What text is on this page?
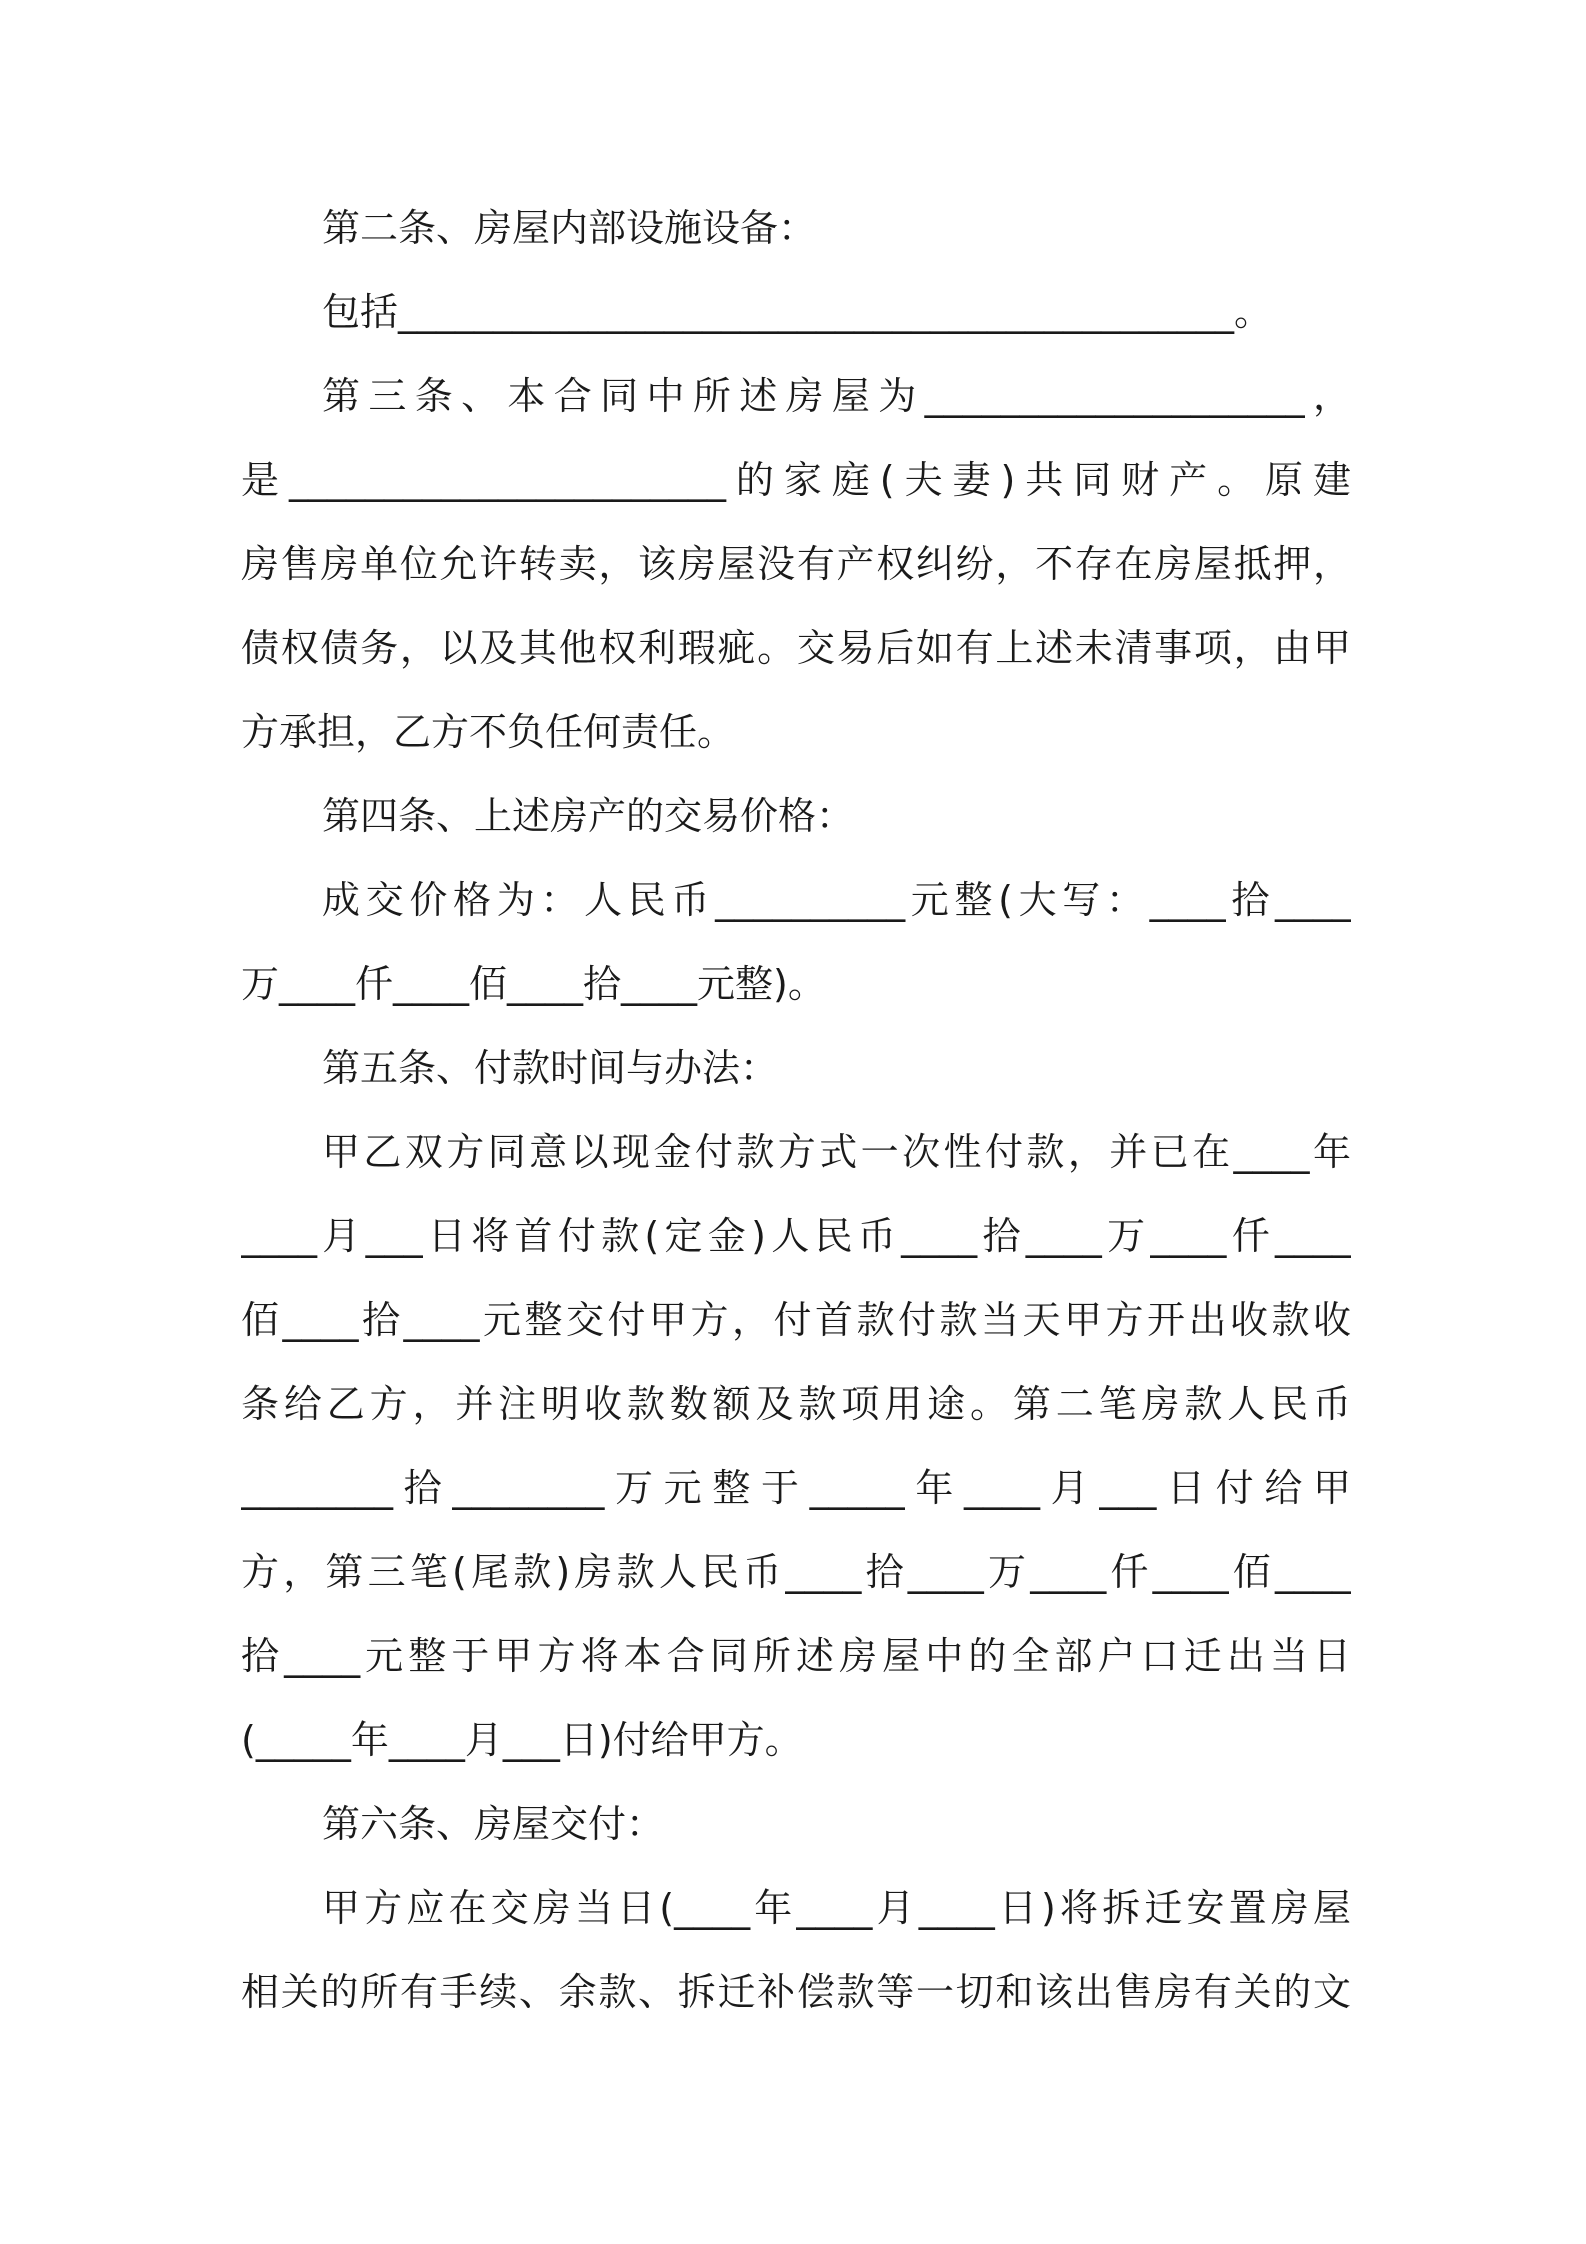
第二条、房屋内部设施设备：
包括____________________________________________。
第三条、本合同中所述房屋为____________________，
是_______________________的家庭(夫妻)共同财产。原建
房售房单位允许转卖，该房屋没有产权纠纷，不存在房屋抵押，
债权债务，以及其他权利瑕疵。交易后如有上述未清事项，由甲
方承担，乙方不负任何责任。
第四条、上述房产的交易价格：
成交价格为：人民币__________元整(大写：____拾____
万____仟____佰____拾____元整)。
第五条、付款时间与办法：
甲乙双方同意以现金付款方式一次性付款，并已在____年
____月___日将首付款(定金)人民币____拾____万____仟____
佰____拾____元整交付甲方，付首款付款当天甲方开出收款收
条给乙方，并注明收款数额及款项用途。第二笔房款人民币
________拾________万元整于_____年____月___日付给甲
方，第三笔(尾款)房款人民币____拾____万____仟____佰____
拾____元整于甲方将本合同所述房屋中的全部户口迁出当日
(_____年____月___日)付给甲方。
第六条、房屋交付：
甲方应在交房当日(____年____月____日)将拆迁安置房屋
相关的所有手续、余款、拆迁补偿款等一切和该出售房有关的文
